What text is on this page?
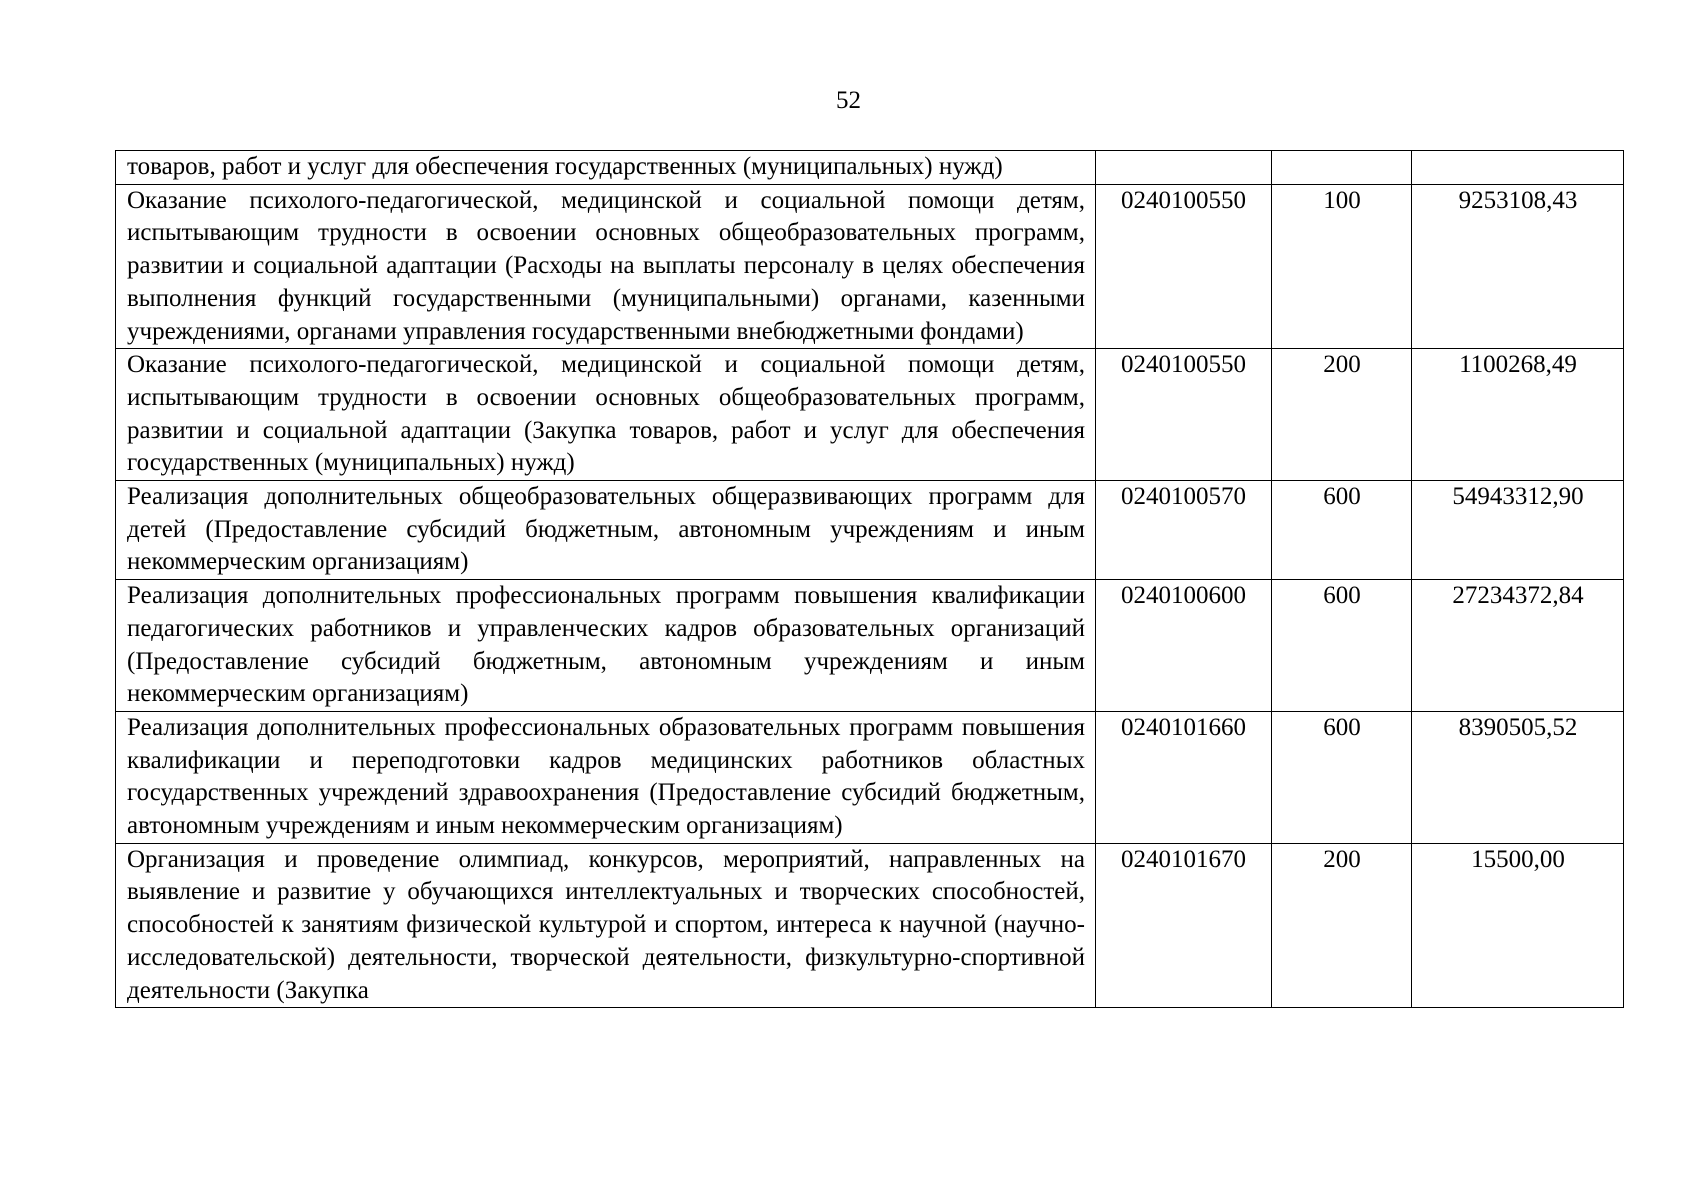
52

товаров, работ и услуг для обеспечения государственных (муниципальных) нужд)			

Оказание психолого-педагогической, медицинской и социальной помощи детям, испытывающим трудности в освоении основных общеобразовательных программ, развитии и социальной адаптации (Расходы на выплаты персоналу в целях обеспечения выполнения функций государственными (муниципальными) органами, казенными учреждениями, органами управления государственными внебюджетными фондами)	0240100550	100	9253108,43

Оказание психолого-педагогической, медицинской и социальной помощи детям, испытывающим трудности в освоении основных общеобразовательных программ, развитии и социальной адаптации (Закупка товаров, работ и услуг для обеспечения государственных (муниципальных) нужд)	0240100550	200	1100268,49

Реализация дополнительных общеобразовательных общеразвивающих программ для детей (Предоставление субсидий бюджетным, автономным учреждениям и иным некоммерческим организациям)	0240100570	600	54943312,90

Реализация дополнительных профессиональных программ повышения квалификации педагогических работников и управленческих кадров образовательных организаций (Предоставление субсидий бюджетным, автономным учреждениям и иным некоммерческим организациям)	0240100600	600	27234372,84

Реализация дополнительных профессиональных образовательных программ повышения квалификации и переподготовки кадров медицинских работников областных государственных учреждений здравоохранения (Предоставление субсидий бюджетным, автономным учреждениям и иным некоммерческим организациям)	0240101660	600	8390505,52

Организация и проведение олимпиад, конкурсов, мероприятий, направленных на выявление и развитие у обучающихся интеллектуальных и творческих способностей, способностей к занятиям физической культурой и спортом, интереса к научной (научно-исследовательской) деятельности, творческой деятельности, физкультурно-спортивной деятельности (Закупка	0240101670	200	15500,00
